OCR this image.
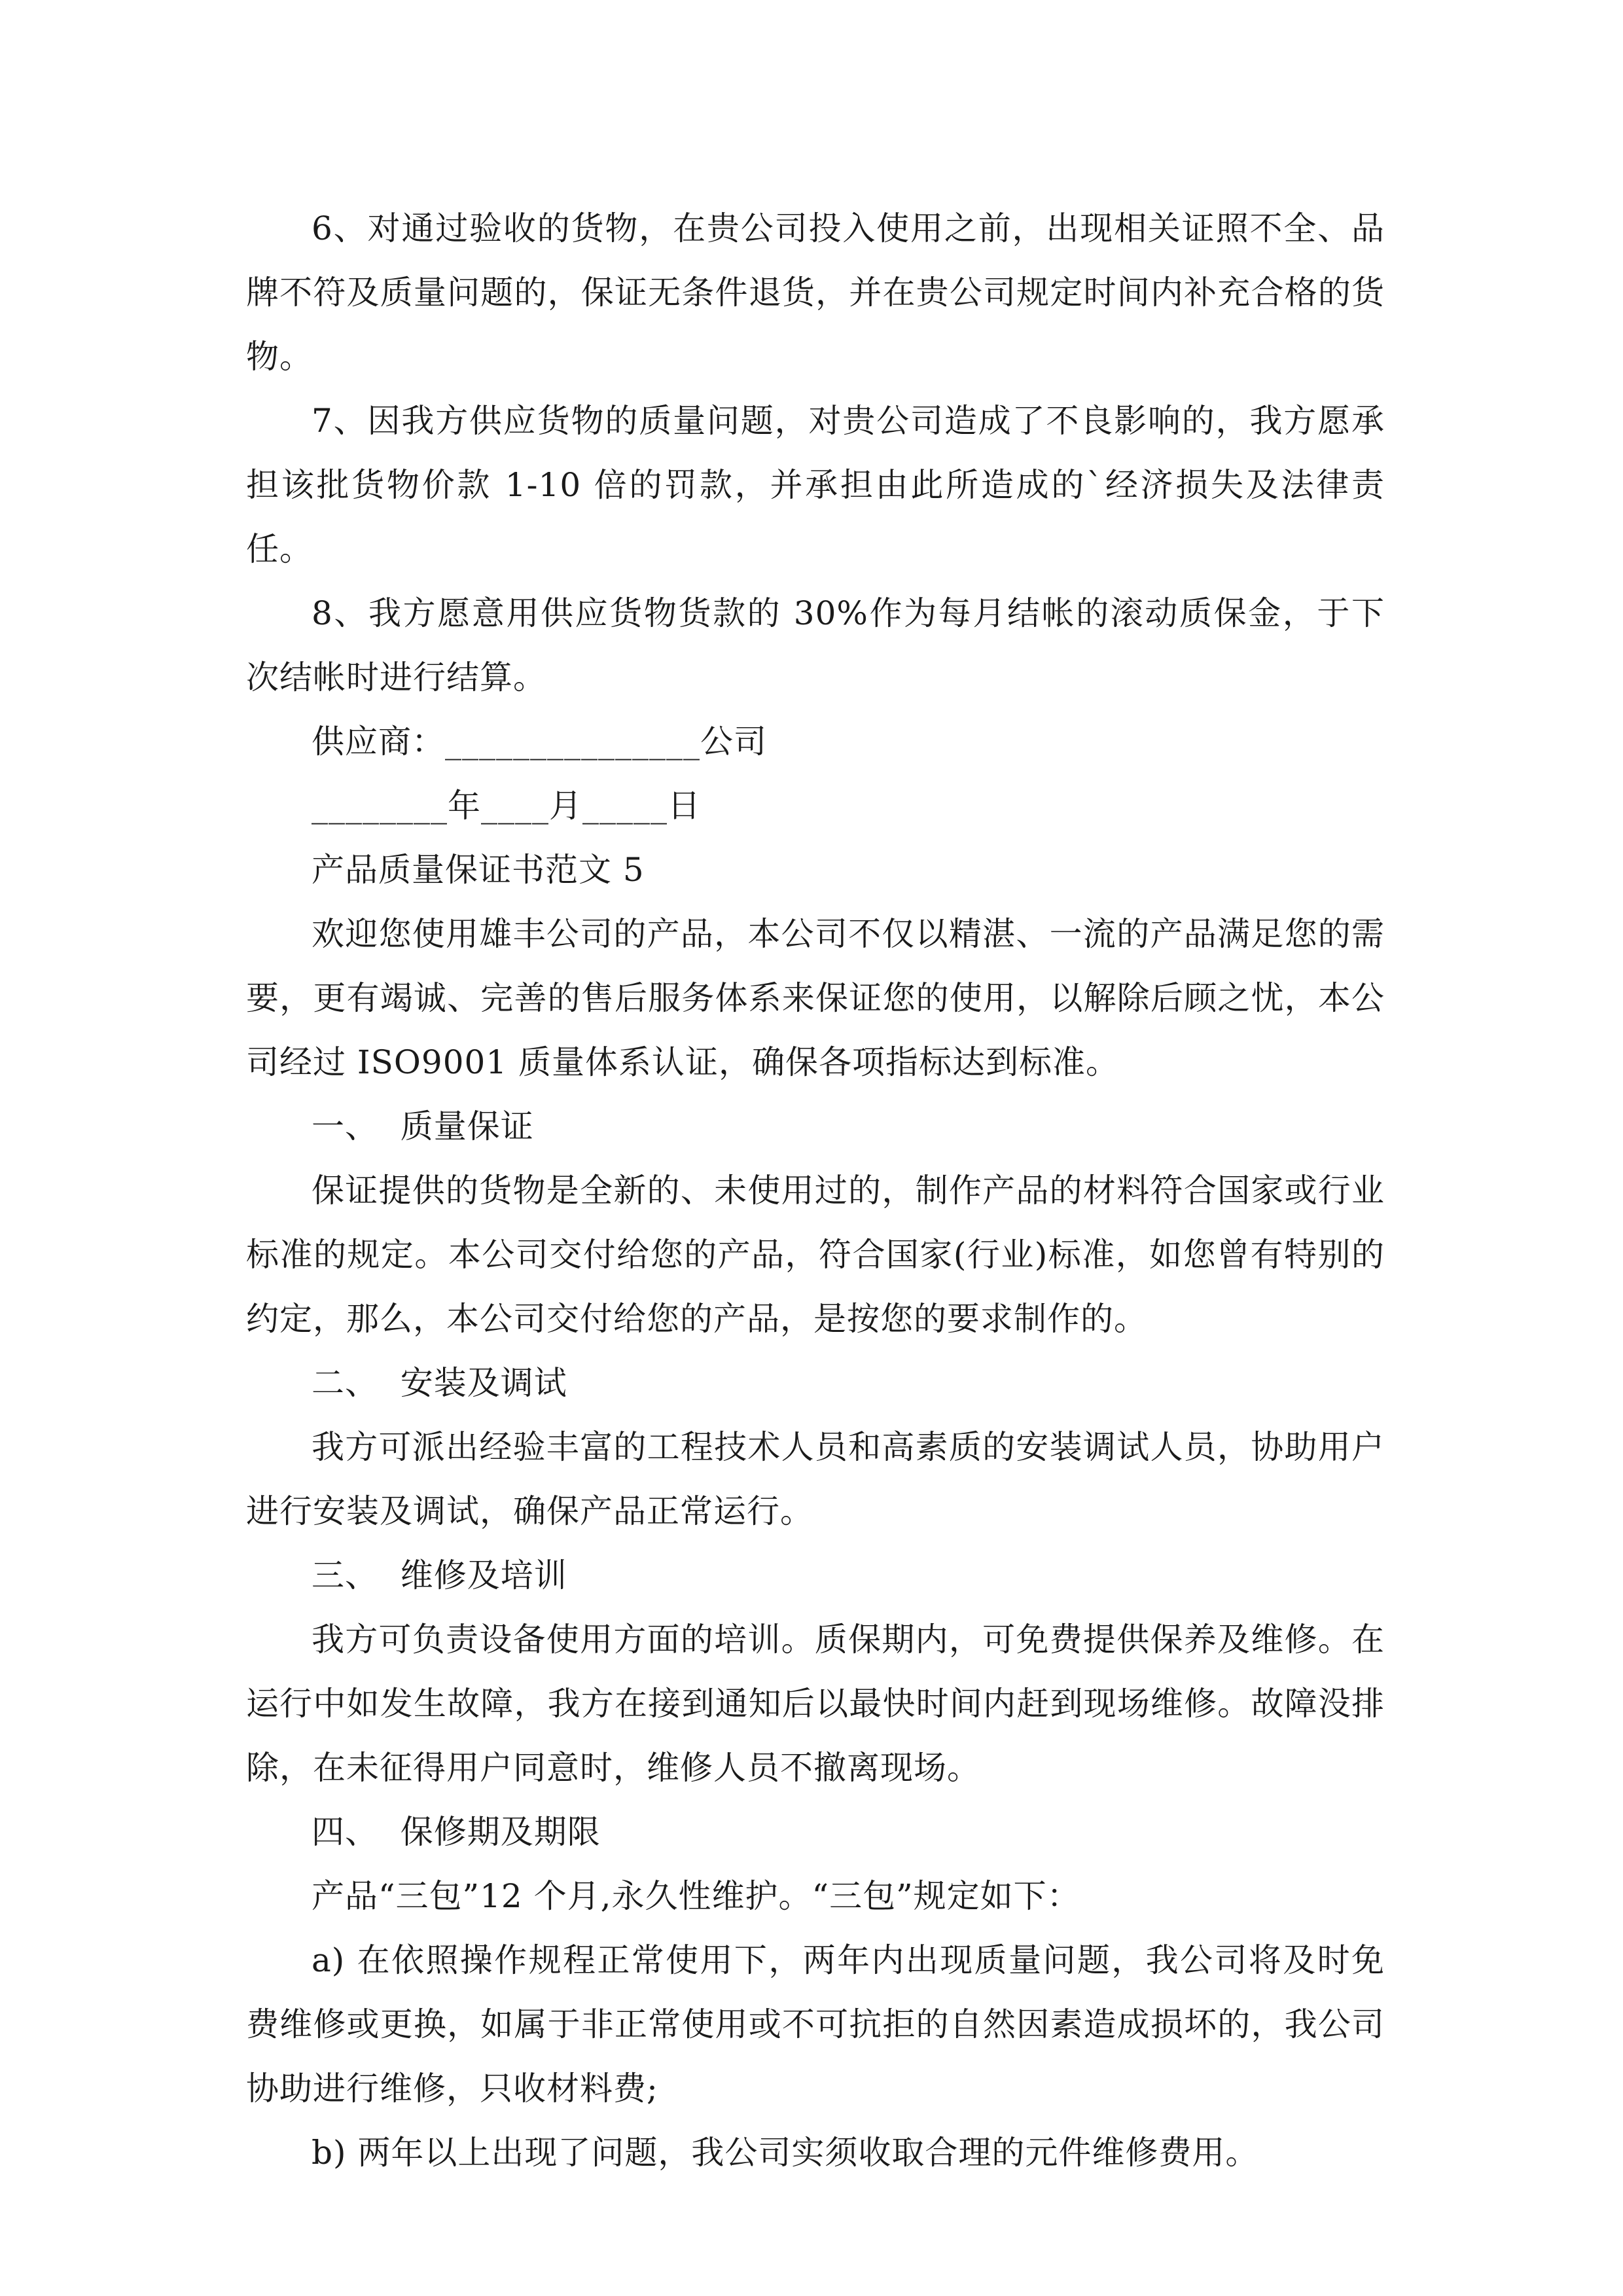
6、对通过验收的货物，在贵公司投入使用之前，出现相关证照不全、品牌不符及质量问题的，保证无条件退货，并在贵公司规定时间内补充合格的货物。

7、因我方供应货物的质量问题，对贵公司造成了不良影响的，我方愿承担该批货物价款 1-10 倍的罚款，并承担由此所造成的`经济损失及法律责任。

8、我方愿意用供应货物货款的 30%作为每月结帐的滚动质保金，于下次结帐时进行结算。

供应商：_______________公司

________年____月_____日

产品质量保证书范文 5

欢迎您使用雄丰公司的产品，本公司不仅以精湛、一流的产品满足您的需要，更有竭诚、完善的售后服务体系来保证您的使用，以解除后顾之忧，本公司经过 ISO9001 质量体系认证，确保各项指标达到标准。

一、  质量保证

保证提供的货物是全新的、未使用过的，制作产品的材料符合国家或行业标准的规定。本公司交付给您的产品，符合国家(行业)标准，如您曾有特别的约定，那么，本公司交付给您的产品，是按您的要求制作的。

二、  安装及调试

我方可派出经验丰富的工程技术人员和高素质的安装调试人员，协助用户进行安装及调试，确保产品正常运行。

三、  维修及培训

我方可负责设备使用方面的培训。质保期内，可免费提供保养及维修。在运行中如发生故障，我方在接到通知后以最快时间内赶到现场维修。故障没排除，在未征得用户同意时，维修人员不撤离现场。

四、  保修期及期限

产品“三包”12 个月,永久性维护。“三包”规定如下：

a) 在依照操作规程正常使用下，两年内出现质量问题，我公司将及时免费维修或更换，如属于非正常使用或不可抗拒的自然因素造成损坏的，我公司协助进行维修，只收材料费;

b) 两年以上出现了问题，我公司实须收取合理的元件维修费用。
